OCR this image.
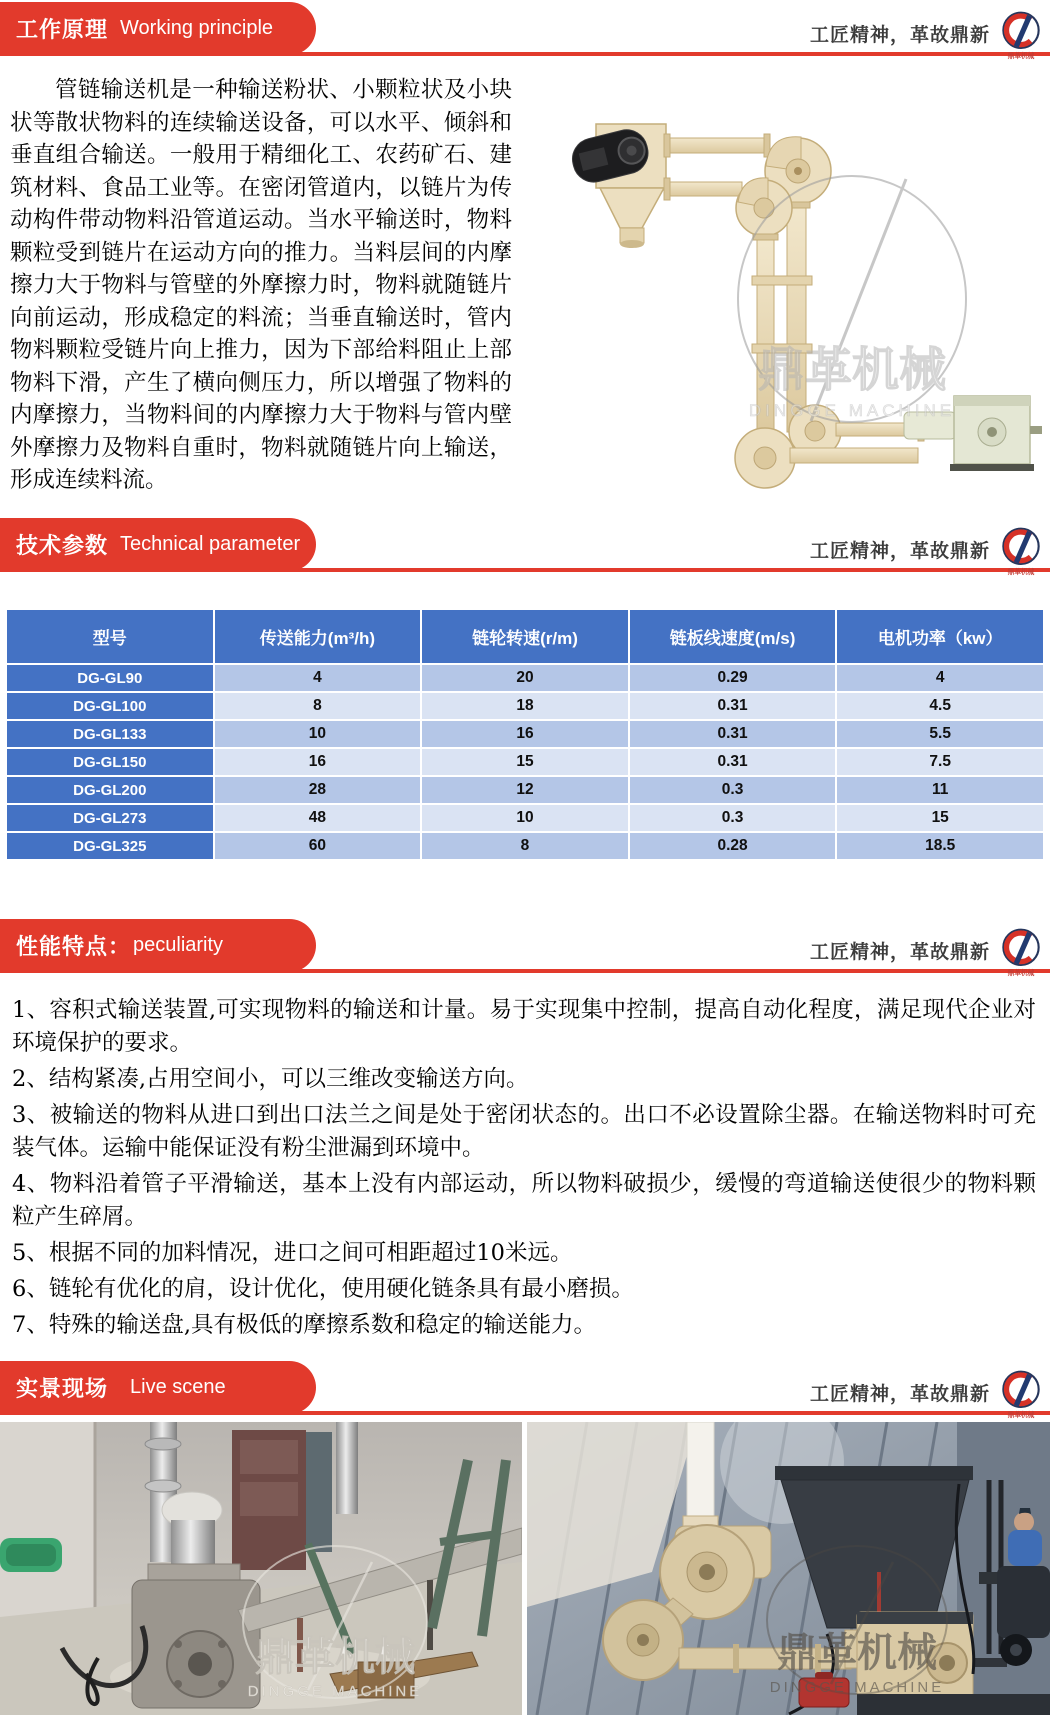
工作原理 Working principle	工匠精神，革故鼎新
鼎革机械

管链输送机是一种输送粉状、小颗粒状及小块状等散状物料的连续输送设备，可以水平、倾斜和垂直组合输送。一般用于精细化工、农药矿石、建筑材料、食品工业等。在密闭管道内，以链片为传动构件带动物料沿管道运动。当水平输送时，物料颗粒受到链片在运动方向的推力。当料层间的内摩擦力大于物料与管壁的外摩擦力时，物料就随链片向前运动，形成稳定的料流；当垂直输送时，管内物料颗粒受链片向上推力，因为下部给料阻止上部物料下滑，产生了横向侧压力，所以增强了物料的内摩擦力，当物料间的内摩擦力大于物料与管内壁外摩擦力及物料自重时，物料就随链片向上输送，形成连续料流。

鼎革机械
DINGGE MACHINE
技术参数 Technical parameter	工匠精神，革故鼎新
鼎革机械
型号	传送能力(m³/h)	链轮转速(r/m)	链板线速度(m/s)	电机功率（kw）
DG-GL90	4	20	0.29	4
DG-GL100	8	18	0.31	4.5
DG-GL133	10	16	0.31	5.5
DG-GL150	16	15	0.31	7.5
DG-GL200	28	12	0.3	11
DG-GL273	48	10	0.3	15
DG-GL325	60	8	0.28	18.5
性能特点： peculiarity	工匠精神，革故鼎新
鼎革机械

1、容积式输送装置,可实现物料的输送和计量。易于实现集中控制，提高自动化程度，满足现代企业对环境保护的要求。

2、结构紧凑,占用空间小，可以三维改变输送方向。

3、被输送的物料从进口到出口法兰之间是处于密闭状态的。出口不必设置除尘器。在输送物料时可充装气体。运输中能保证没有粉尘泄漏到环境中。

4、物料沿着管子平滑输送，基本上没有内部运动，所以物料破损少，缓慢的弯道输送使很少的物料颗粒产生碎屑。

5、根据不同的加料情况，进口之间可相距超过10米远。

6、链轮有优化的肩，设计优化，使用硬化链条具有最小磨损。

7、特殊的输送盘,具有极低的摩擦系数和稳定的输送能力。

实景现场 Live scene	工匠精神，革故鼎新
鼎革机械
鼎革机械
DINGGE MACHINE
鼎革机械
DINGGE MACHINE
